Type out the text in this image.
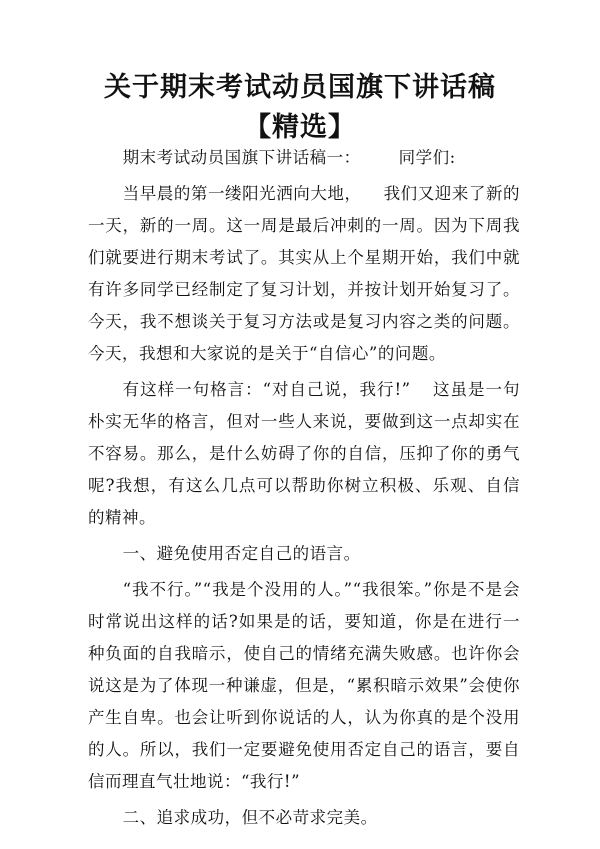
关于期末考试动员国旗下讲话稿【精选】

期末考试动员国旗下讲话稿一： 同学们:

当早晨的第一缕阳光洒向大地， 我们又迎来了新的一天，新的一周。这一周是最后冲刺的一周。因为下周我们就要进行期末考试了。其实从上个星期开始，我们中就有许多同学已经制定了复习计划，并按计划开始复习了。今天，我不想谈关于复习方法或是复习内容之类的问题。今天，我想和大家说的是关于“自信心”的问题。

有这样一句格言：“对自己说，我行!” 这虽是一句朴实无华的格言，但对一些人来说，要做到这一点却实在不容易。那么，是什么妨碍了你的自信，压抑了你的勇气呢?我想，有这么几点可以帮助你树立积极、乐观、自信的精神。

一、避免使用否定自己的语言。

“我不行。”“我是个没用的人。”“我很笨。”你是不是会时常说出这样的话?如果是的话，要知道，你是在进行一种负面的自我暗示，使自己的情绪充满失败感。也许你会说这是为了体现一种谦虚，但是，“累积暗示效果”会使你产生自卑。也会让听到你说话的人，认为你真的是个没用的人。所以，我们一定要避免使用否定自己的语言，要自信而理直气壮地说：“我行!”

二、追求成功，但不必苛求完美。
